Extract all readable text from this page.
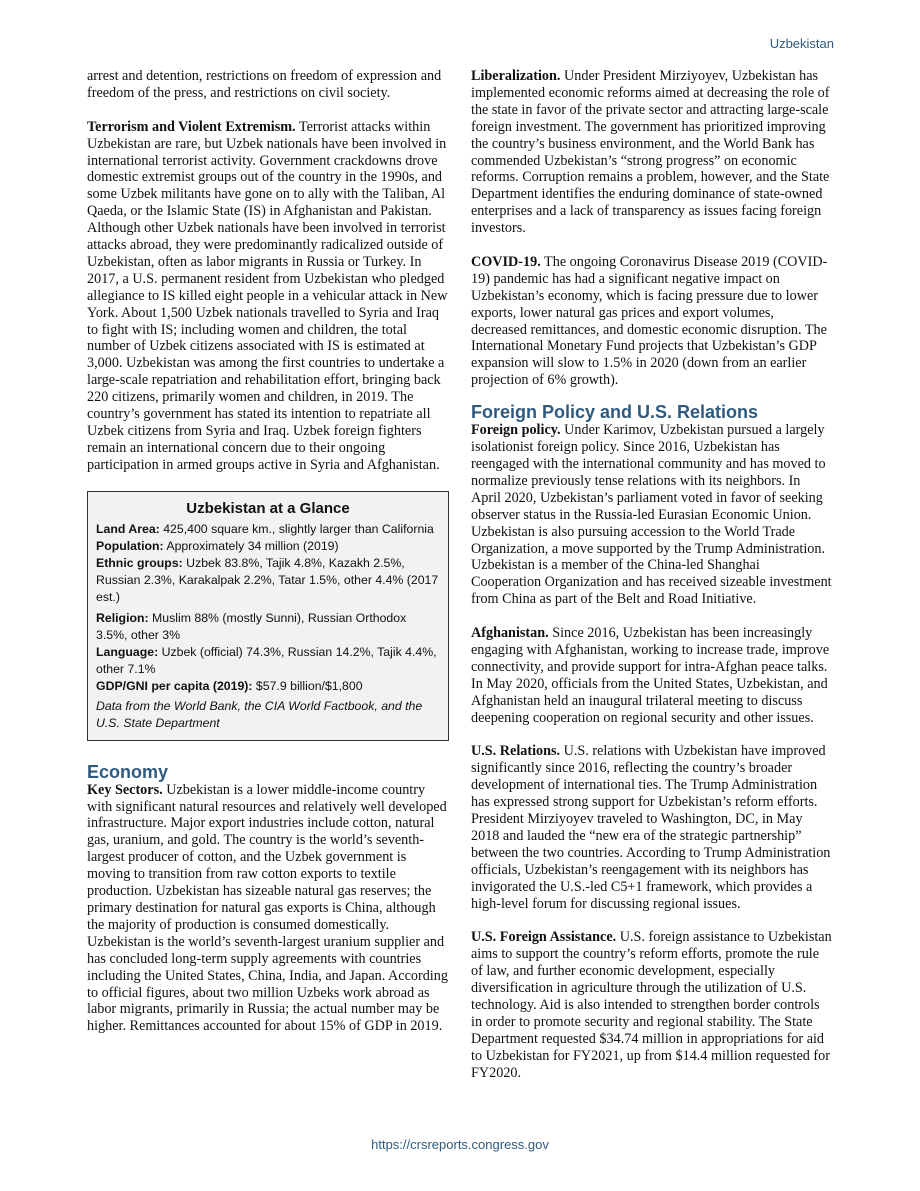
Uzbekistan

arrest and detention, restrictions on freedom of expression and freedom of the press, and restrictions on civil society.

Terrorism and Violent Extremism. Terrorist attacks within Uzbekistan are rare, but Uzbek nationals have been involved in international terrorist activity. Government crackdowns drove domestic extremist groups out of the country in the 1990s, and some Uzbek militants have gone on to ally with the Taliban, Al Qaeda, or the Islamic State (IS) in Afghanistan and Pakistan. Although other Uzbek nationals have been involved in terrorist attacks abroad, they were predominantly radicalized outside of Uzbekistan, often as labor migrants in Russia or Turkey. In 2017, a U.S. permanent resident from Uzbekistan who pledged allegiance to IS killed eight people in a vehicular attack in New York. About 1,500 Uzbek nationals travelled to Syria and Iraq to fight with IS; including women and children, the total number of Uzbek citizens associated with IS is estimated at 3,000. Uzbekistan was among the first countries to undertake a large-scale repatriation and rehabilitation effort, bringing back 220 citizens, primarily women and children, in 2019. The country’s government has stated its intention to repatriate all Uzbek citizens from Syria and Iraq. Uzbek foreign fighters remain an international concern due to their ongoing participation in armed groups active in Syria and Afghanistan.

Uzbekistan at a Glance
Land Area: 425,400 square km., slightly larger than California
Population: Approximately 34 million (2019)
Ethnic groups: Uzbek 83.8%, Tajik 4.8%, Kazakh 2.5%, Russian 2.3%, Karakalpak 2.2%, Tatar 1.5%, other 4.4% (2017 est.)
Religion: Muslim 88% (mostly Sunni), Russian Orthodox 3.5%, other 3%
Language: Uzbek (official) 74.3%, Russian 14.2%, Tajik 4.4%, other 7.1%
GDP/GNI per capita (2019): $57.9 billion/$1,800
Data from the World Bank, the CIA World Factbook, and the U.S. State Department
Economy

Key Sectors. Uzbekistan is a lower middle-income country with significant natural resources and relatively well developed infrastructure. Major export industries include cotton, natural gas, uranium, and gold. The country is the world’s seventh-largest producer of cotton, and the Uzbek government is moving to transition from raw cotton exports to textile production. Uzbekistan has sizeable natural gas reserves; the primary destination for natural gas exports is China, although the majority of production is consumed domestically. Uzbekistan is the world’s seventh-largest uranium supplier and has concluded long-term supply agreements with countries including the United States, China, India, and Japan. According to official figures, about two million Uzbeks work abroad as labor migrants, primarily in Russia; the actual number may be higher. Remittances accounted for about 15% of GDP in 2019.

Liberalization. Under President Mirziyoyev, Uzbekistan has implemented economic reforms aimed at decreasing the role of the state in favor of the private sector and attracting large-scale foreign investment. The government has prioritized improving the country’s business environment, and the World Bank has commended Uzbekistan’s “strong progress” on economic reforms. Corruption remains a problem, however, and the State Department identifies the enduring dominance of state-owned enterprises and a lack of transparency as issues facing foreign investors.

COVID-19. The ongoing Coronavirus Disease 2019 (COVID-19) pandemic has had a significant negative impact on Uzbekistan’s economy, which is facing pressure due to lower exports, lower natural gas prices and export volumes, decreased remittances, and domestic economic disruption. The International Monetary Fund projects that Uzbekistan’s GDP expansion will slow to 1.5% in 2020 (down from an earlier projection of 6% growth).

Foreign Policy and U.S. Relations

Foreign policy. Under Karimov, Uzbekistan pursued a largely isolationist foreign policy. Since 2016, Uzbekistan has reengaged with the international community and has moved to normalize previously tense relations with its neighbors. In April 2020, Uzbekistan’s parliament voted in favor of seeking observer status in the Russia-led Eurasian Economic Union. Uzbekistan is also pursuing accession to the World Trade Organization, a move supported by the Trump Administration. Uzbekistan is a member of the China-led Shanghai Cooperation Organization and has received sizeable investment from China as part of the Belt and Road Initiative.

Afghanistan. Since 2016, Uzbekistan has been increasingly engaging with Afghanistan, working to increase trade, improve connectivity, and provide support for intra-Afghan peace talks. In May 2020, officials from the United States, Uzbekistan, and Afghanistan held an inaugural trilateral meeting to discuss deepening cooperation on regional security and other issues.

U.S. Relations. U.S. relations with Uzbekistan have improved significantly since 2016, reflecting the country’s broader development of international ties. The Trump Administration has expressed strong support for Uzbekistan’s reform efforts. President Mirziyoyev traveled to Washington, DC, in May 2018 and lauded the “new era of the strategic partnership” between the two countries. According to Trump Administration officials, Uzbekistan’s reengagement with its neighbors has invigorated the U.S.-led C5+1 framework, which provides a high-level forum for discussing regional issues.

U.S. Foreign Assistance. U.S. foreign assistance to Uzbekistan aims to support the country’s reform efforts, promote the rule of law, and further economic development, especially diversification in agriculture through the utilization of U.S. technology. Aid is also intended to strengthen border controls in order to promote security and regional stability. The State Department requested $34.74 million in appropriations for aid to Uzbekistan for FY2021, up from $14.4 million requested for FY2020.

https://crsreports.congress.gov
